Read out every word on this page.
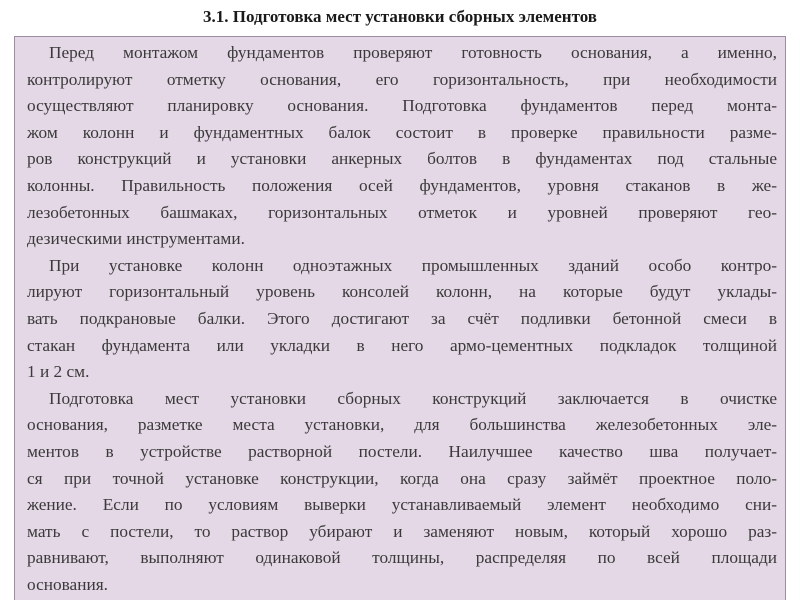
3.1. Подготовка мест установки сборных элементов
Перед монтажом фундаментов проверяют готовность основания, а именно,
контролируют отметку основания, его горизонтальность, при необходимости
осуществляют планировку основания. Подготовка фундаментов перед монта-
жом колонн и фундаментных балок состоит в проверке правильности разме-
ров конструкций и установки анкерных болтов в фундаментах под стальные
колонны. Правильность положения осей фундаментов, уровня стаканов в же-
лезобетонных башмаках, горизонтальных отметок и уровней проверяют гео-
дезическими инструментами.
При установке колонн одноэтажных промышленных зданий особо контро-
лируют горизонтальный уровень консолей колонн, на которые будут уклады-
вать подкрановые балки. Этого достигают за счёт подливки бетонной смеси в
стакан фундамента или укладки в него армо-цементных подкладок толщиной
1 и 2 см.
Подготовка мест установки сборных конструкций заключается в очистке
основания, разметке места установки, для большинства железобетонных эле-
ментов в устройстве растворной постели. Наилучшее качество шва получает-
ся при точной установке конструкции, когда она сразу займёт проектное поло-
жение. Если по условиям выверки устанавливаемый элемент необходимо сни-
мать с постели, то раствор убирают и заменяют новым, который хорошо раз-
равнивают, выполняют одинаковой толщины, распределяя по всей площади
основания.
